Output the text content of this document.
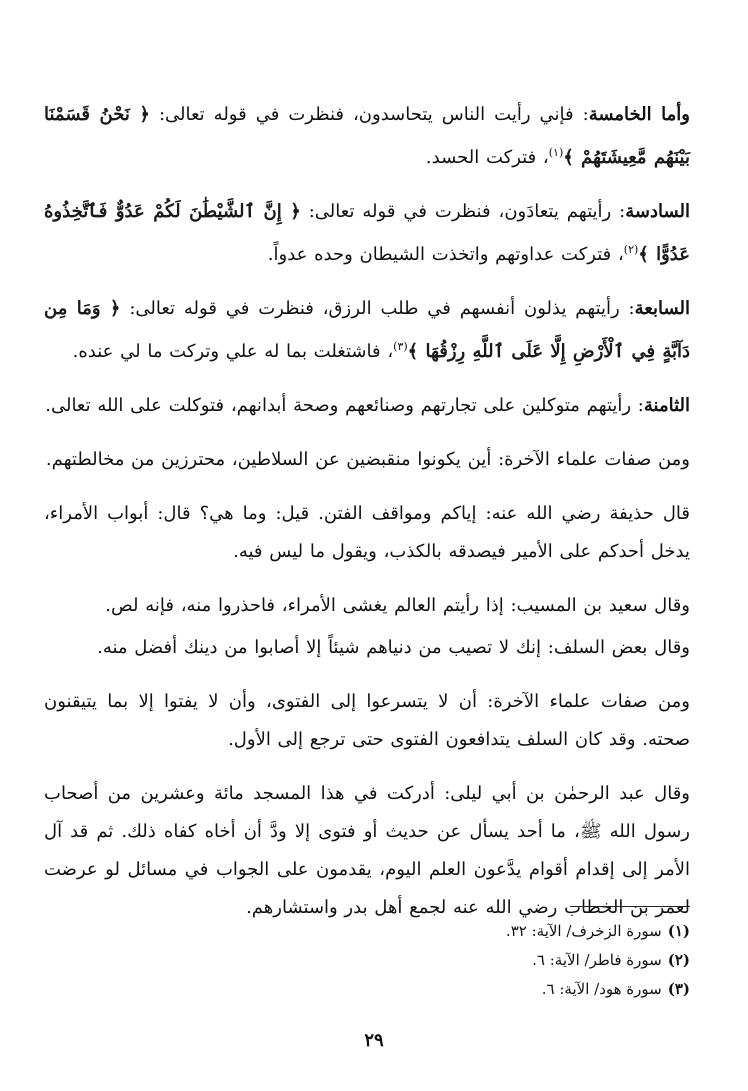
وأما الخامسة: فإني رأيت الناس يتحاسدون، فنظرت في قوله تعالى: ﴿ نَحْنُ قَسَمْنَا بَيْنَهُم مَّعِيشَتَهُمْ ﴾$^{(١)}$، فتركت الحسد.

السادسة: رأيتهم يتعادَون، فنظرت في قوله تعالى: ﴿ إِنَّ ٱلشَّيْطَٰنَ لَكُمْ عَدُوٌّ فَٱتَّخِذُوهُ عَدُوًّا ﴾$^{(٢)}$، فتركت عداوتهم واتخذت الشيطان وحده عدواً.

السابعة: رأيتهم يذلون أنفسهم في طلب الرزق، فنظرت في قوله تعالى: ﴿ وَمَا مِن دَآبَّةٍ فِي ٱلْأَرْضِ إِلَّا عَلَى ٱللَّهِ رِزْقُهَا ﴾$^{(٣)}$، فاشتغلت بما له علي وتركت ما لي عنده.

الثامنة: رأيتهم متوكلين على تجارتهم وصنائعهم وصحة أبدانهم، فتوكلت على الله تعالى.

ومن صفات علماء الآخرة: أين يكونوا منقبضين عن السلاطين، محترزين من مخالطتهم.

قال حذيفة رضي الله عنه: إياكم ومواقف الفتن. قيل: وما هي؟ قال: أبواب الأمراء، يدخل أحدكم على الأمير فيصدقه بالكذب، ويقول ما ليس فيه.

وقال سعيد بن المسيب: إذا رأيتم العالم يغشى الأمراء، فاحذروا منه، فإنه لص.

وقال بعض السلف: إنك لا تصيب من دنياهم شيئاً إلا أصابوا من دينك أفضل منه.

ومن صفات علماء الآخرة: أن لا يتسرعوا إلى الفتوى، وأن لا يفتوا إلا بما يتيقنون صحته. وقد كان السلف يتدافعون الفتوى حتى ترجع إلى الأول.

وقال عبد الرحمٰن بن أبي ليلى: أدركت في هذا المسجد مائة وعشرين من أصحاب رسول الله ﷺ، ما أحد يسأل عن حديث أو فتوى إلا ودَّ أن أخاه كفاه ذلك. ثم قد آل الأمر إلى إقدام أقوام يدَّعون العلم اليوم، يقدمون على الجواب في مسائل لو عرضت لعمر بن الخطاب رضي الله عنه لجمع أهل بدر واستشارهم.

(١)سورة الزخرف/ الآية: ٣٢.
(٢)سورة فاطر/ الآية: ٦.
(٣)سورة هود/ الآية: ٦.
٢٩
